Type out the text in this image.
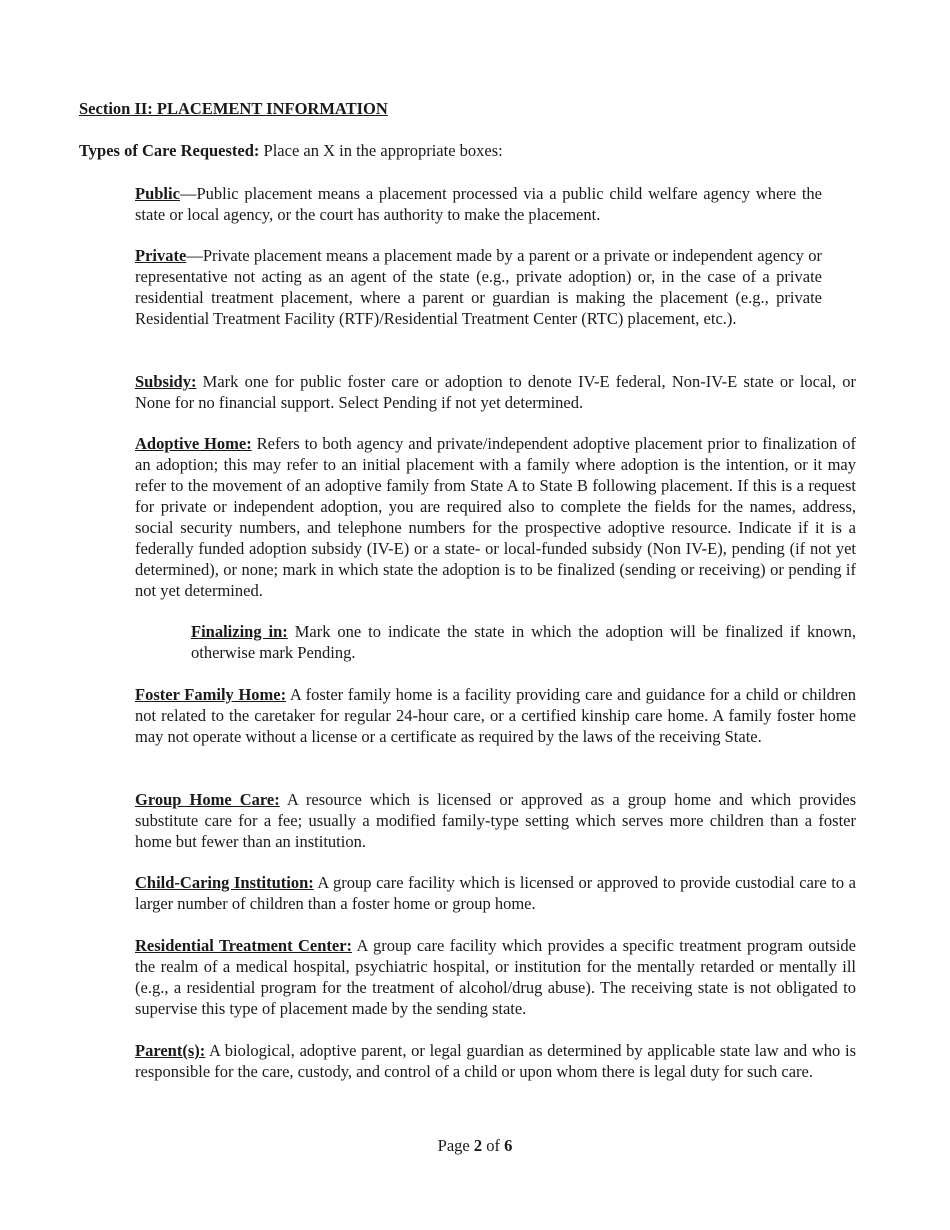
Section II: PLACEMENT INFORMATION

Types of Care Requested: Place an X in the appropriate boxes:

Public—Public placement means a placement processed via a public child welfare agency where the state or local agency, or the court has authority to make the placement.

Private—Private placement means a placement made by a parent or a private or independent agency or representative not acting as an agent of the state (e.g., private adoption) or, in the case of a private residential treatment placement, where a parent or guardian is making the placement (e.g., private Residential Treatment Facility (RTF)/Residential Treatment Center (RTC) placement, etc.).

Subsidy: Mark one for public foster care or adoption to denote IV-E federal, Non-IV-E state or local, or None for no financial support. Select Pending if not yet determined.

Adoptive Home: Refers to both agency and private/independent adoptive placement prior to finalization of an adoption; this may refer to an initial placement with a family where adoption is the intention, or it may refer to the movement of an adoptive family from State A to State B following placement. If this is a request for private or independent adoption, you are required also to complete the fields for the names, address, social security numbers, and telephone numbers for the prospective adoptive resource. Indicate if it is a federally funded adoption subsidy (IV-E) or a state- or local-funded subsidy (Non IV-E), pending (if not yet determined), or none; mark in which state the adoption is to be finalized (sending or receiving) or pending if not yet determined.

Finalizing in: Mark one to indicate the state in which the adoption will be finalized if known, otherwise mark Pending.

Foster Family Home: A foster family home is a facility providing care and guidance for a child or children not related to the caretaker for regular 24-hour care, or a certified kinship care home. A family foster home may not operate without a license or a certificate as required by the laws of the receiving State.

Group Home Care: A resource which is licensed or approved as a group home and which provides substitute care for a fee; usually a modified family-type setting which serves more children than a foster home but fewer than an institution.

Child-Caring Institution: A group care facility which is licensed or approved to provide custodial care to a larger number of children than a foster home or group home.

Residential Treatment Center: A group care facility which provides a specific treatment program outside the realm of a medical hospital, psychiatric hospital, or institution for the mentally retarded or mentally ill (e.g., a residential program for the treatment of alcohol/drug abuse). The receiving state is not obligated to supervise this type of placement made by the sending state.

Parent(s): A biological, adoptive parent, or legal guardian as determined by applicable state law and who is responsible for the care, custody, and control of a child or upon whom there is legal duty for such care.

Page 2 of 6
